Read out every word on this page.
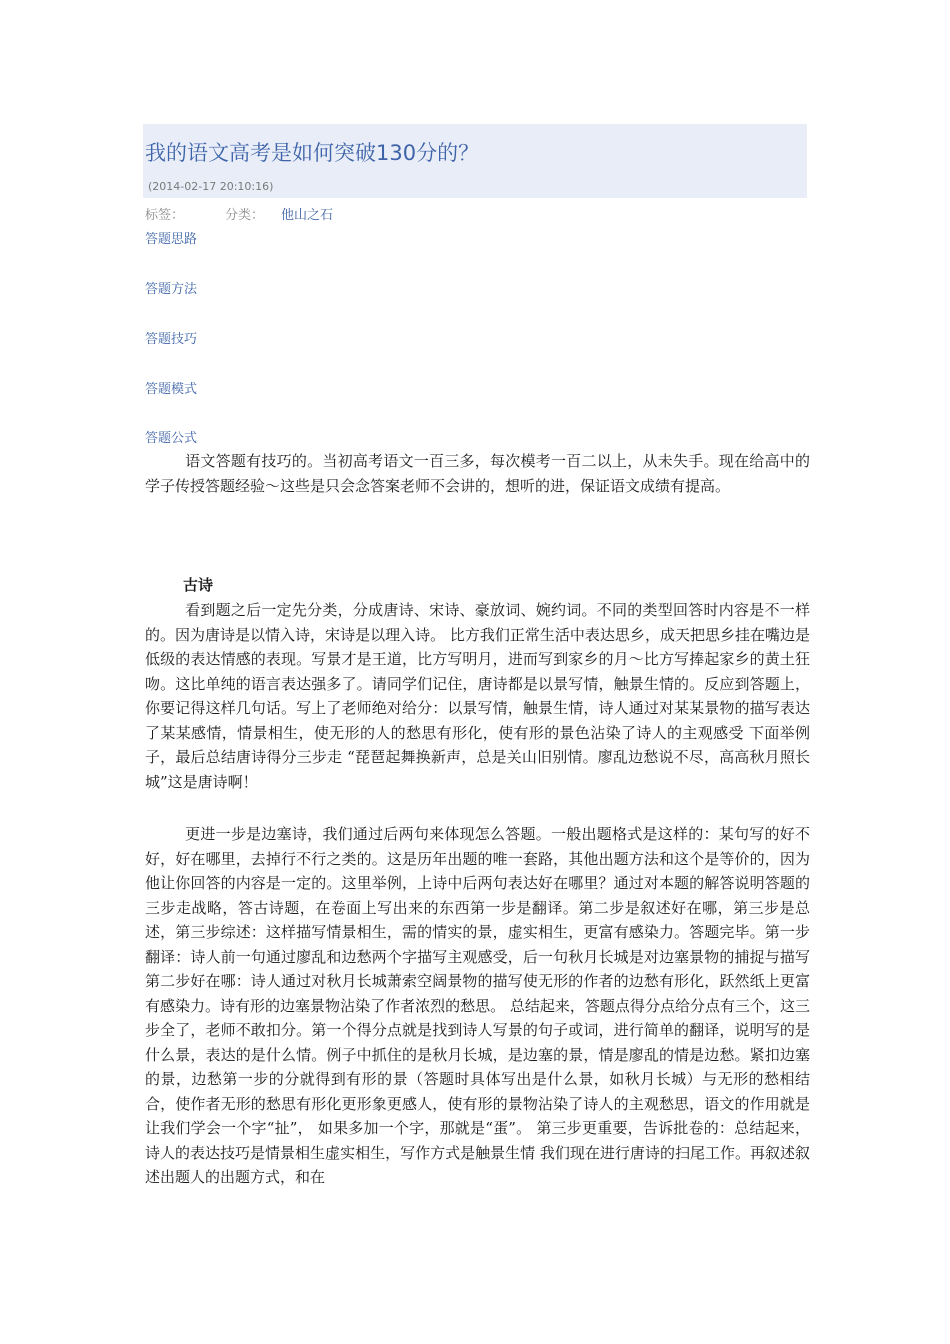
我的语文高考是如何突破130分的？
(2014-02-17 20:10:16)
标签：	分类： 他山之石
答题思路
答题方法
答题技巧
答题模式
答题公式
语文答题有技巧的。当初高考语文一百三多，每次模考一百二以上，从未失手。现在给高中的学子传授答题经验～这些是只会念答案老师不会讲的，想听的进，保证语文成绩有提高。
古诗
看到题之后一定先分类，分成唐诗、宋诗、豪放词、婉约词。不同的类型回答时内容是不一样的。因为唐诗是以情入诗，宋诗是以理入诗。 比方我们正常生活中表达思乡，成天把思乡挂在嘴边是低级的表达情感的表现。写景才是王道，比方写明月，进而写到家乡的月～比方写捧起家乡的黄土狂吻。这比单纯的语言表达强多了。请同学们记住，唐诗都是以景写情，触景生情的。反应到答题上，你要记得这样几句话。写上了老师绝对给分：以景写情，触景生情，诗人通过对某某景物的描写表达了某某感情，情景相生，使无形的人的愁思有形化，使有形的景色沾染了诗人的主观感受 下面举例子，最后总结唐诗得分三步走 “琵琶起舞换新声，总是关山旧别情。廖乱边愁说不尽，高高秋月照长城”这是唐诗啊！
更进一步是边塞诗，我们通过后两句来体现怎么答题。一般出题格式是这样的：某句写的好不好，好在哪里，去掉行不行之类的。这是历年出题的唯一套路，其他出题方法和这个是等价的，因为他让你回答的内容是一定的。这里举例，上诗中后两句表达好在哪里？通过对本题的解答说明答题的三步走战略，答古诗题，在卷面上写出来的东西第一步是翻译。第二步是叙述好在哪，第三步是总述，第三步综述：这样描写情景相生，需的情实的景，虚实相生，更富有感染力。答题完毕。第一步翻译：诗人前一句通过廖乱和边愁两个字描写主观感受，后一句秋月长城是对边塞景物的捕捉与描写 第二步好在哪：诗人通过对秋月长城萧索空阔景物的描写使无形的作者的边愁有形化，跃然纸上更富有感染力。诗有形的边塞景物沾染了作者浓烈的愁思。 总结起来，答题点得分点给分点有三个，这三步全了，老师不敢扣分。第一个得分点就是找到诗人写景的句子或词，进行简单的翻译，说明写的是什么景，表达的是什么情。例子中抓住的是秋月长城，是边塞的景，情是廖乱的情是边愁。紧扣边塞的景，边愁第一步的分就得到有形的景（答题时具体写出是什么景，如秋月长城）与无形的愁相结合，使作者无形的愁思有形化更形象更感人，使有形的景物沾染了诗人的主观愁思，语文的作用就是让我们学会一个字“扯”， 如果多加一个字，那就是“蛋”。 第三步更重要，告诉批卷的：总结起来，诗人的表达技巧是情景相生虚实相生，写作方式是触景生情 我们现在进行唐诗的扫尾工作。再叙述叙述出题人的出题方式，和在
